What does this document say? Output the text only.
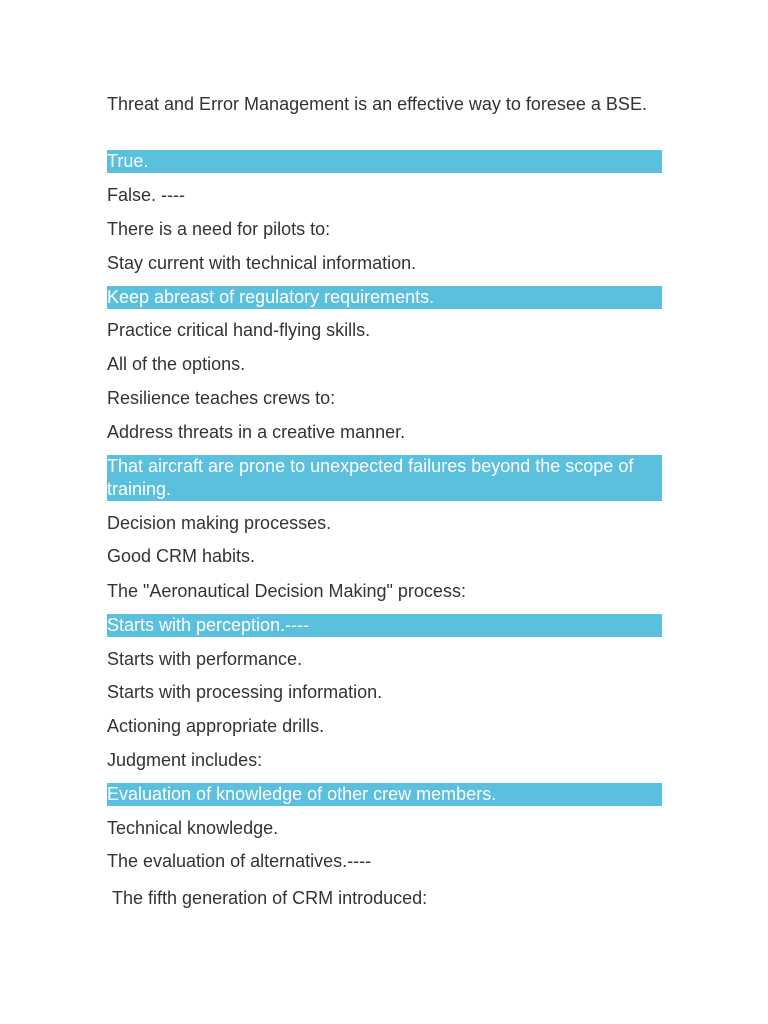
Threat and Error Management is an effective way to foresee a BSE.
True.
False. ----
There is a need for pilots to:
Stay current with technical information.
Keep abreast of regulatory requirements.
Practice critical hand-flying skills.
All of the options.
Resilience teaches crews to:
Address threats in a creative manner.
That aircraft are prone to unexpected failures beyond the scope of training.
Decision making processes.
Good CRM habits.
The "Aeronautical Decision Making" process:
Starts with perception.----
Starts with performance.
Starts with processing information.
Actioning appropriate drills.
Judgment includes:
Evaluation of knowledge of other crew members.
Technical knowledge.
The evaluation of alternatives.----
The fifth generation of CRM introduced:
